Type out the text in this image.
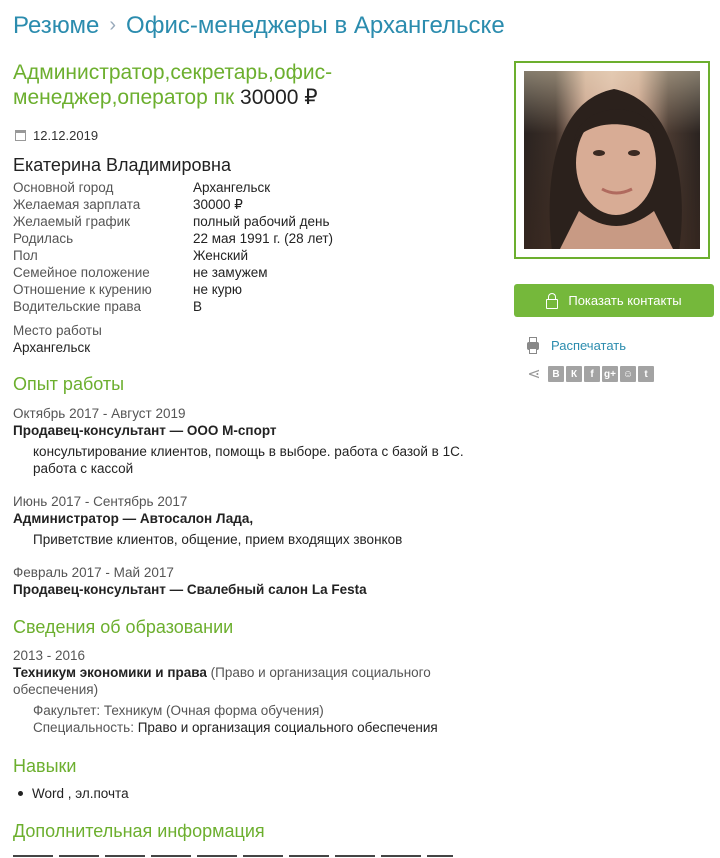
Резюме › Офис-менеджеры в Архангельске
Администратор,секретарь,офис-менеджер,оператор пк 30000 ₽
12.12.2019
Екатерина Владимировна
Основной город	Архангельск
Желаемая зарплата	30000 ₽
Желаемый график	полный рабочий день
Родилась	22 мая 1991 г. (28 лет)
Пол	Женский
Семейное положение	не замужем
Отношение к курению	не курю
Водительские права	B
Место работы
Архангельск
Опыт работы
Октябрь 2017 - Август 2019
Продавец-консультант — ООО М-спорт
консультирование клиентов, помощь в выборе. работа с базой в 1С. работа с кассой
Июнь 2017 - Сентябрь 2017
Администратор — Автосалон Лада,
Приветствие клиентов, общение, прием входящих звонков
Февраль 2017 - Май 2017
Продавец-консультант — Свалебный салон La Festa
Сведения об образовании
2013 - 2016
Техникум экономики и права (Право и организация социального обеспечения)
Факультет: Техникум (Очная форма обучения)
Специальность: Право и организация социального обеспечения
Навыки
Word , эл.почта
Дополнительная информация
Показать контакты
Распечатать
⋖	В	К	f	g+ ☺	t
